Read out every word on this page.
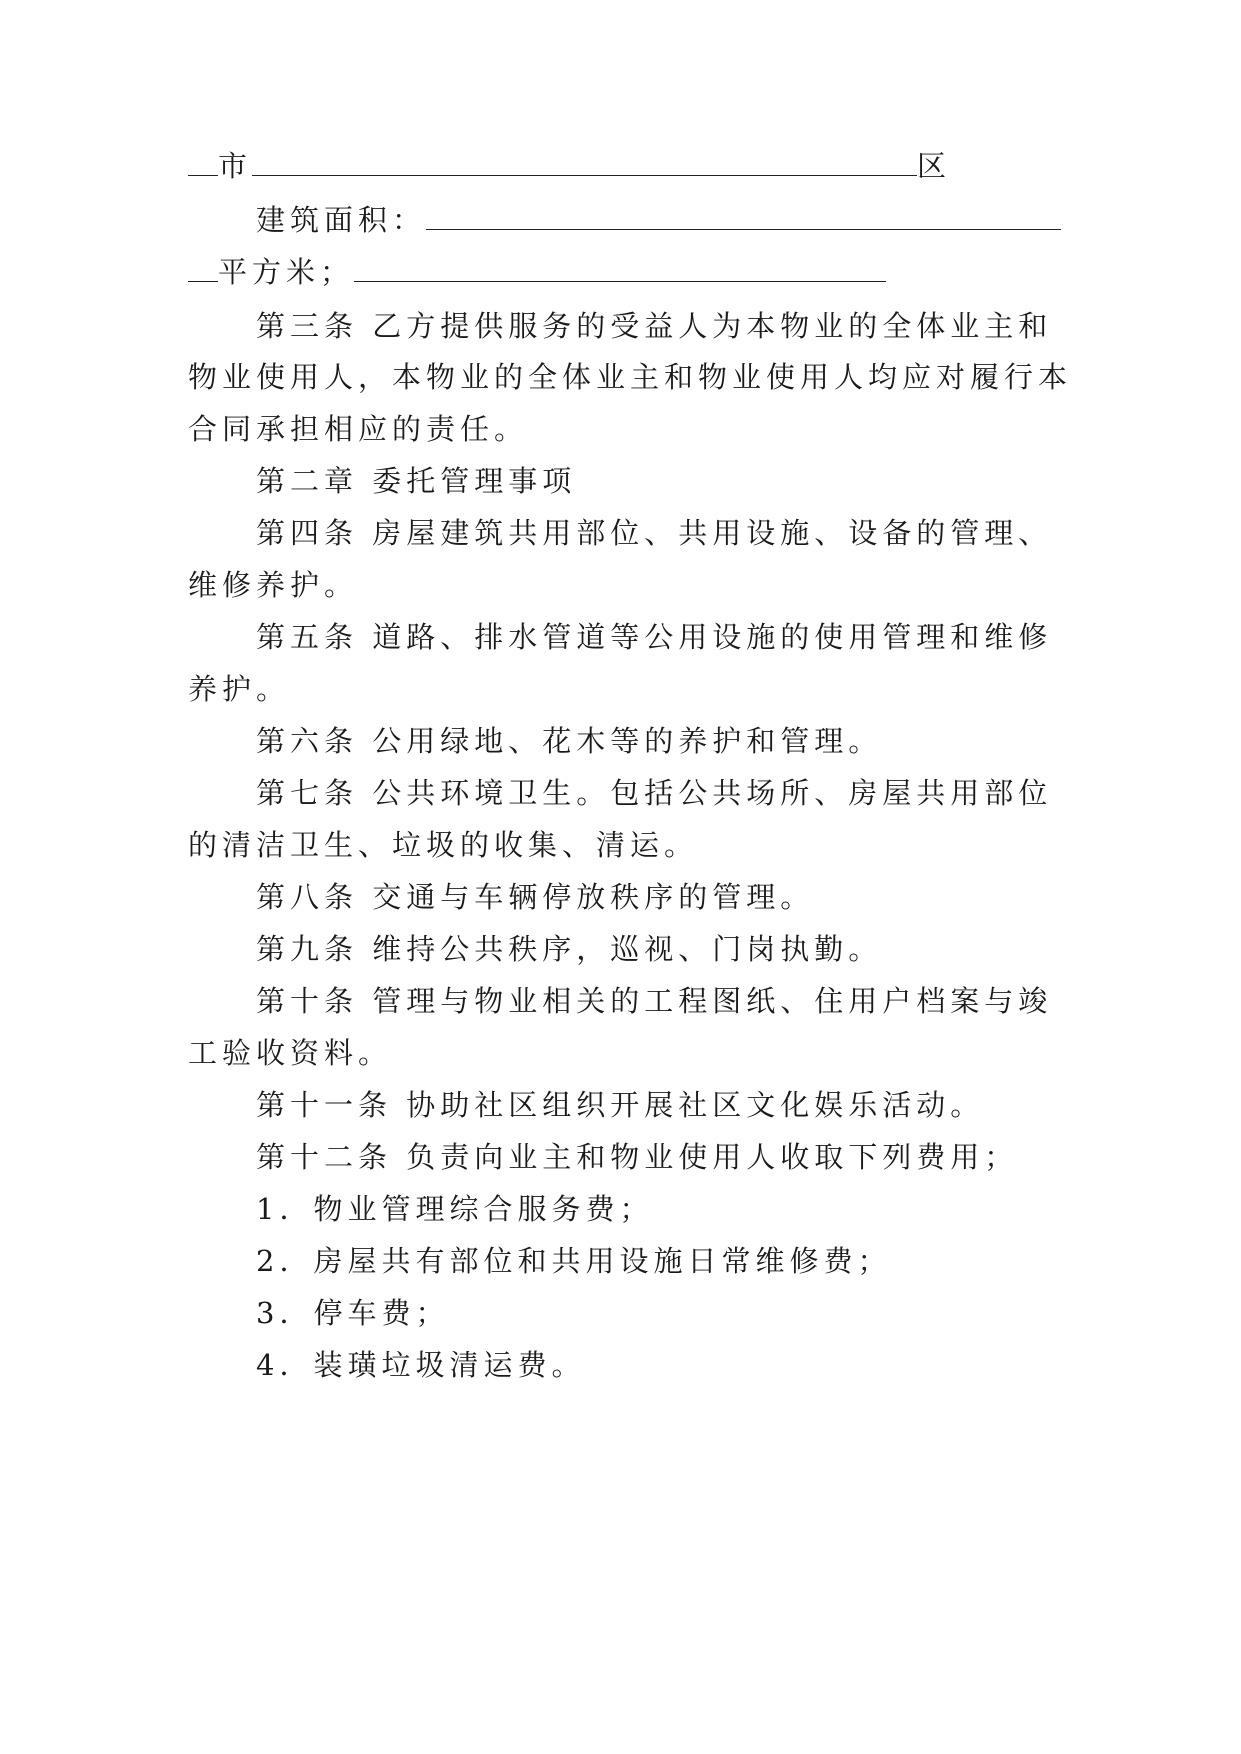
市	区
建筑面积：
平方米；
第三条 乙方提供服务的受益人为本物业的全体业主和
物业使用人，本物业的全体业主和物业使用人均应对履行本
合同承担相应的责任。
第二章 委托管理事项
第四条 房屋建筑共用部位、共用设施、设备的管理、
维修养护。
第五条 道路、排水管道等公用设施的使用管理和维修
养护。
第六条 公用绿地、花木等的养护和管理。
第七条 公共环境卫生。包括公共场所、房屋共用部位
的清洁卫生、垃圾的收集、清运。
第八条 交通与车辆停放秩序的管理。
第九条 维持公共秩序，巡视、门岗执勤。
第十条 管理与物业相关的工程图纸、住用户档案与竣
工验收资料。
第十一条 协助社区组织开展社区文化娱乐活动。
第十二条 负责向业主和物业使用人收取下列费用；
1．物业管理综合服务费；
2．房屋共有部位和共用设施日常维修费；
3．停车费；
4．装璜垃圾清运费。
